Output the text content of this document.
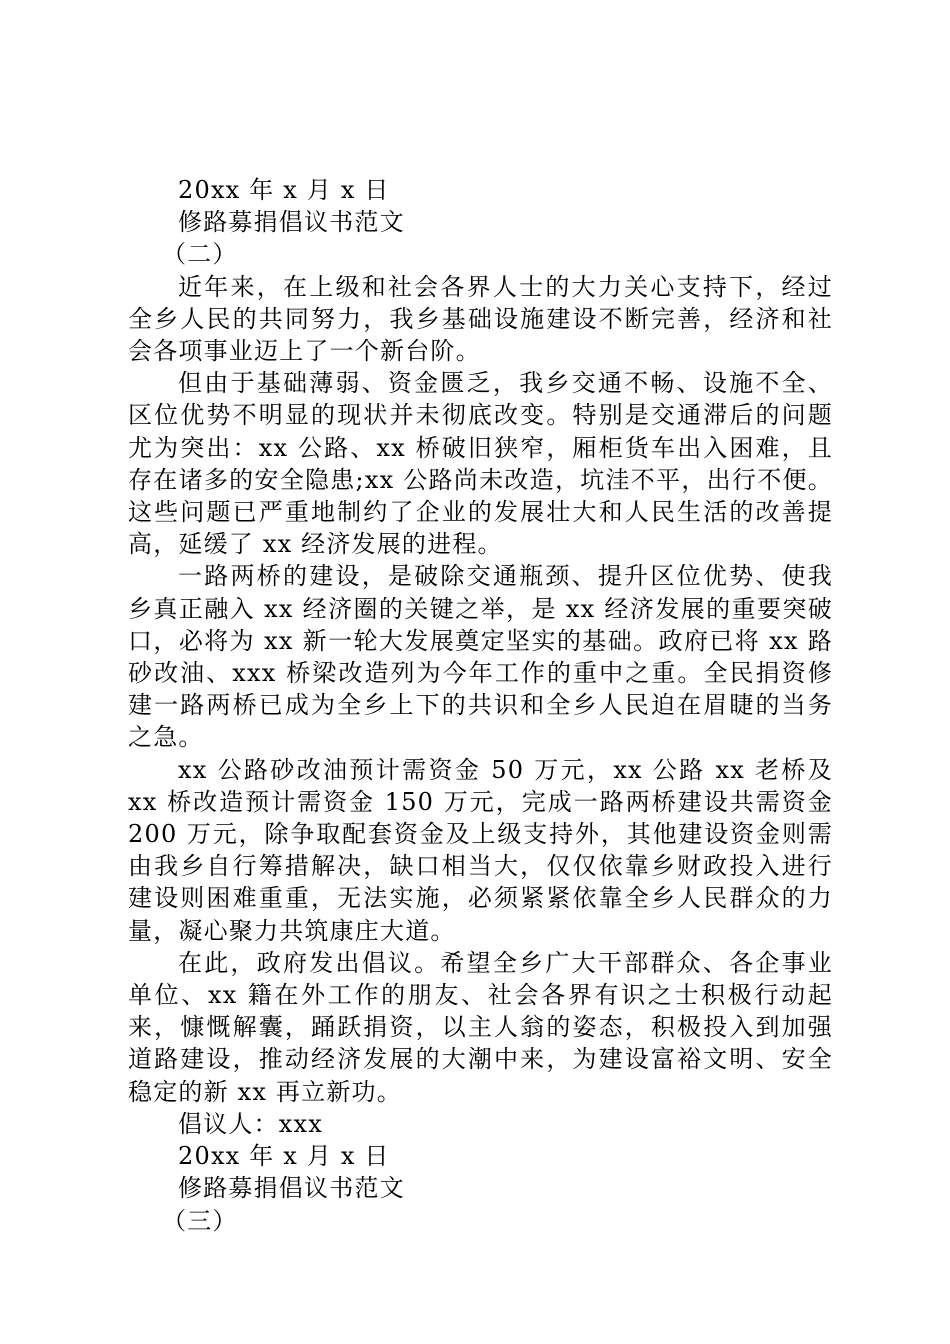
20xx 年 x 月 x 日
修路募捐倡议书范文
（二）
近年来，在上级和社会各界人士的大力关心支持下，经过全乡人民的共同努力，我乡基础设施建设不断完善，经济和社会各项事业迈上了一个新台阶。
但由于基础薄弱、资金匮乏，我乡交通不畅、设施不全、区位优势不明显的现状并未彻底改变。特别是交通滞后的问题尤为突出：xx 公路、xx 桥破旧狭窄，厢柜货车出入困难，且存在诸多的安全隐患;xx 公路尚未改造，坑洼不平，出行不便。这些问题已严重地制约了企业的发展壮大和人民生活的改善提高，延缓了 xx 经济发展的进程。
一路两桥的建设，是破除交通瓶颈、提升区位优势、使我乡真正融入 xx 经济圈的关键之举，是 xx 经济发展的重要突破口，必将为 xx 新一轮大发展奠定坚实的基础。政府已将 xx 路砂改油、xxx 桥梁改造列为今年工作的重中之重。全民捐资修建一路两桥已成为全乡上下的共识和全乡人民迫在眉睫的当务之急。
xx 公路砂改油预计需资金 50 万元，xx 公路 xx 老桥及 xx 桥改造预计需资金 150 万元，完成一路两桥建设共需资金 200 万元，除争取配套资金及上级支持外，其他建设资金则需由我乡自行筹措解决，缺口相当大，仅仅依靠乡财政投入进行建设则困难重重，无法实施，必须紧紧依靠全乡人民群众的力量，凝心聚力共筑康庄大道。
在此，政府发出倡议。希望全乡广大干部群众、各企事业单位、xx 籍在外工作的朋友、社会各界有识之士积极行动起来，慷慨解囊，踊跃捐资，以主人翁的姿态，积极投入到加强道路建设，推动经济发展的大潮中来，为建设富裕文明、安全稳定的新 xx 再立新功。
倡议人：xxx
20xx 年 x 月 x 日
修路募捐倡议书范文
（三）
